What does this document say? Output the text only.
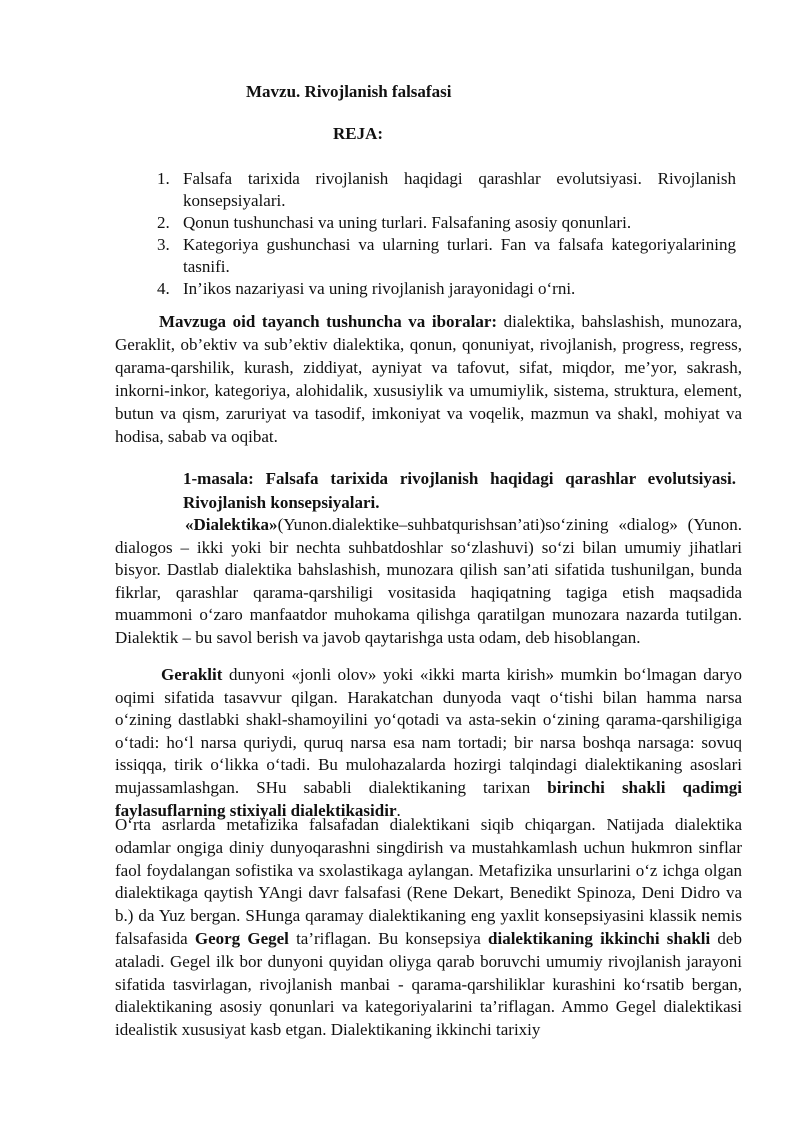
Mavzu. Rivojlanish falsafasi
REJA:
1. Falsafa tarixida rivojlanish haqidagi qarashlar evolutsiyasi. Rivojlanish konsepsiyalari.
2. Qonun tushunchasi va uning turlari. Falsafaning asosiy qonunlari.
3. Kategoriya gushunchasi va ularning turlari. Fan va falsafa kategoriyalarining tasnifi.
4. In’ikos nazariyasi va uning rivojlanish jarayonidagi o‘rni.

Mavzuga oid tayanch tushuncha va iboralar: dialektika, bahslashish, munozara, Geraklit, ob’ektiv va sub’ektiv dialektika, qonun, qonuniyat, rivojlanish, progress, regress, qarama-qarshilik, kurash, ziddiyat, ayniyat va tafovut, sifat, miqdor, me’yor, sakrash, inkorni-inkor, kategoriya, alohidalik, xususiylik va umumiylik, sistema, struktura, element, butun va qism, zaruriyat va tasodif, imkoniyat va voqelik, mazmun va shakl, mohiyat va hodisa, sabab va oqibat.

1-masala: Falsafa tarixida rivojlanish haqidagi qarashlar evolutsiyasi. Rivojlanish konsepsiyalari.

«Dialektika»(Yunon.dialektike–suhbatqurishsan’ati)so‘zining «dialog» (Yunon. dialogos – ikki yoki bir nechta suhbatdoshlar so‘zlashuvi) so‘zi bilan umumiy jihatlari bisyor. Dastlab dialektika bahslashish, munozara qilish san’ati sifatida tushunilgan, bunda fikrlar, qarashlar qarama-qarshiligi vositasida haqiqatning tagiga etish maqsadida muammoni o‘zaro manfaatdor muhokama qilishga qaratilgan munozara nazarda tutilgan. Dialektik – bu savol berish va javob qaytarishga usta odam, deb hisoblangan.

Geraklit dunyoni «jonli olov» yoki «ikki marta kirish» mumkin bo‘lmagan daryo oqimi sifatida tasavvur qilgan. Harakatchan dunyoda vaqt o‘tishi bilan hamma narsa o‘zining dastlabki shakl-shamoyilini yo‘qotadi va asta-sekin o‘zining qarama-qarshiligiga o‘tadi: ho‘l narsa quriydi, quruq narsa esa nam tortadi; bir narsa boshqa narsaga: sovuq issiqqa, tirik o‘likka o‘tadi. Bu mulohazalarda hozirgi talqindagi dialektikaning asoslari mujassamlashgan. SHu sababli dialektikaning tarixan birinchi shakli qadimgi faylasuflarning stixiyali dialektikasidir.

O‘rta asrlarda metafizika falsafadan dialektikani siqib chiqargan. Natijada dialektika odamlar ongiga diniy dunyoqarashni singdirish va mustahkamlash uchun hukmron sinflar faol foydalangan sofistika va sxolastikaga aylangan. Metafizika unsurlarini o‘z ichga olgan dialektikaga qaytish YAngi davr falsafasi (Rene Dekart, Benedikt Spinoza, Deni Didro va b.) da Yuz bergan. SHunga qaramay dialektikaning eng yaxlit konsepsiyasini klassik nemis falsafasida Georg Gegel ta’riflagan. Bu konsepsiya dialektikaning ikkinchi shakli deb ataladi. Gegel ilk bor dunyoni quyidan oliyga qarab boruvchi umumiy rivojlanish jarayoni sifatida tasvirlagan, rivojlanish manbai - qarama-qarshiliklar kurashini ko‘rsatib bergan, dialektikaning asosiy qonunlari va kategoriyalarini ta’riflagan. Ammo Gegel dialektikasi idealistik xususiyat kasb etgan. Dialektikaning ikkinchi tarixiy
